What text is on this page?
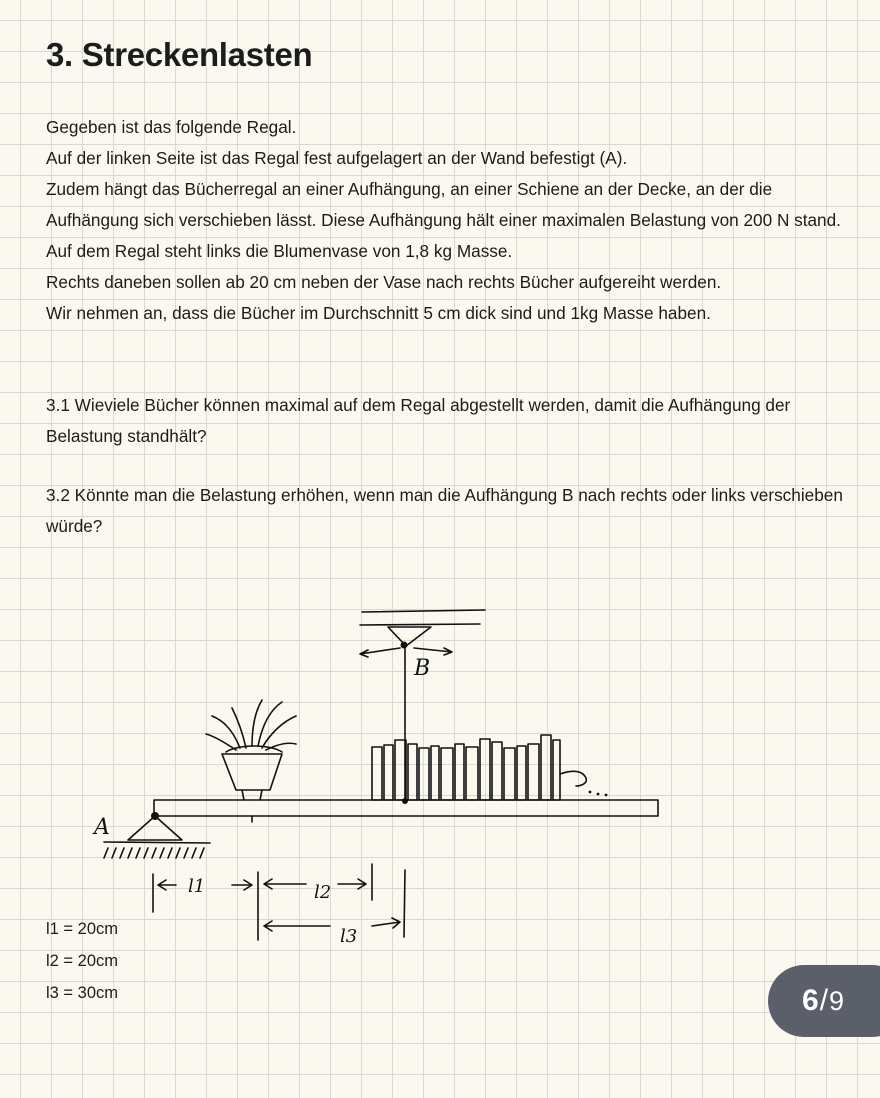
3. Streckenlasten

Gegeben ist das folgende Regal.

Auf der linken Seite ist das Regal fest aufgelagert an der Wand befestigt (A).

Zudem hängt das Bücherregal an einer Aufhängung, an einer Schiene an der Decke, an der die Aufhängung sich verschieben lässt. Diese Aufhängung hält einer maximalen Belastung von 200 N stand.

Auf dem Regal steht links die Blumenvase von 1,8 kg Masse.

Rechts daneben sollen ab 20 cm neben der Vase nach rechts Bücher aufgereiht werden.

Wir nehmen an, dass die Bücher im Durchschnitt 5 cm dick sind und 1kg Masse haben.

3.1 Wieviele Bücher können maximal auf dem Regal abgestellt werden, damit die Aufhängung der Belastung standhält?
3.2 Könnte man die Belastung erhöhen, wenn man die Aufhängung B nach rechts oder links verschieben würde?
B
A
l1	l2
l3
l1 = 20cm
l2 = 20cm
l3 = 30cm	6 / 9
